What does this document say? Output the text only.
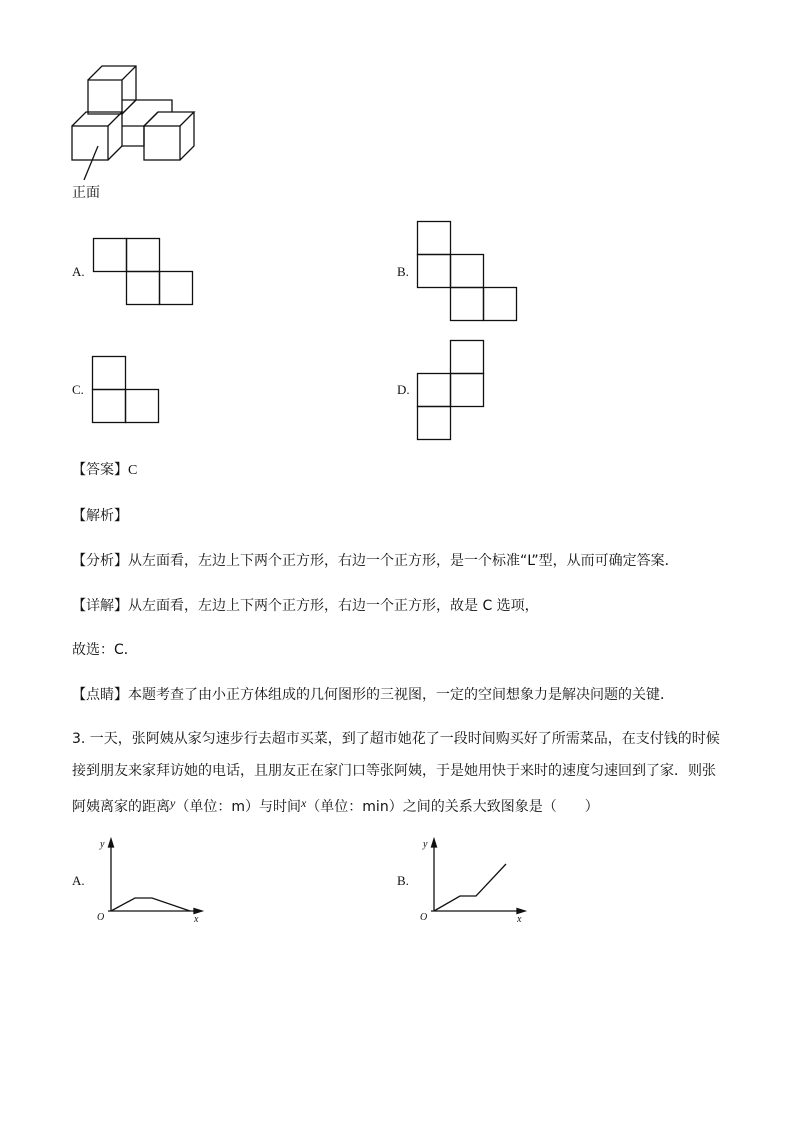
正面
A.	B.
C.	D.
【答案】C
【解析】
【分析】从左面看，左边上下两个正方形，右边一个正方形，是一个标准“L”型，从而可确定答案．
【详解】从左面看，左边上下两个正方形，右边一个正方形，故是 C 选项，
故选：C．
【点睛】本题考查了由小正方体组成的几何图形的三视图，一定的空间想象力是解决问题的关键．
3. 一天，张阿姨从家匀速步行去超市买菜，到了超市她花了一段时间购买好了所需菜品，在支付钱的时候
接到朋友来家拜访她的电话，且朋友正在家门口等张阿姨，于是她用快于来时的速度匀速回到了家．则张
阿姨离家的距离y（单位：m）与时间x（单位：min）之间的关系大致图象是（　　）
A.
y
x
O
B.
y
x
O
